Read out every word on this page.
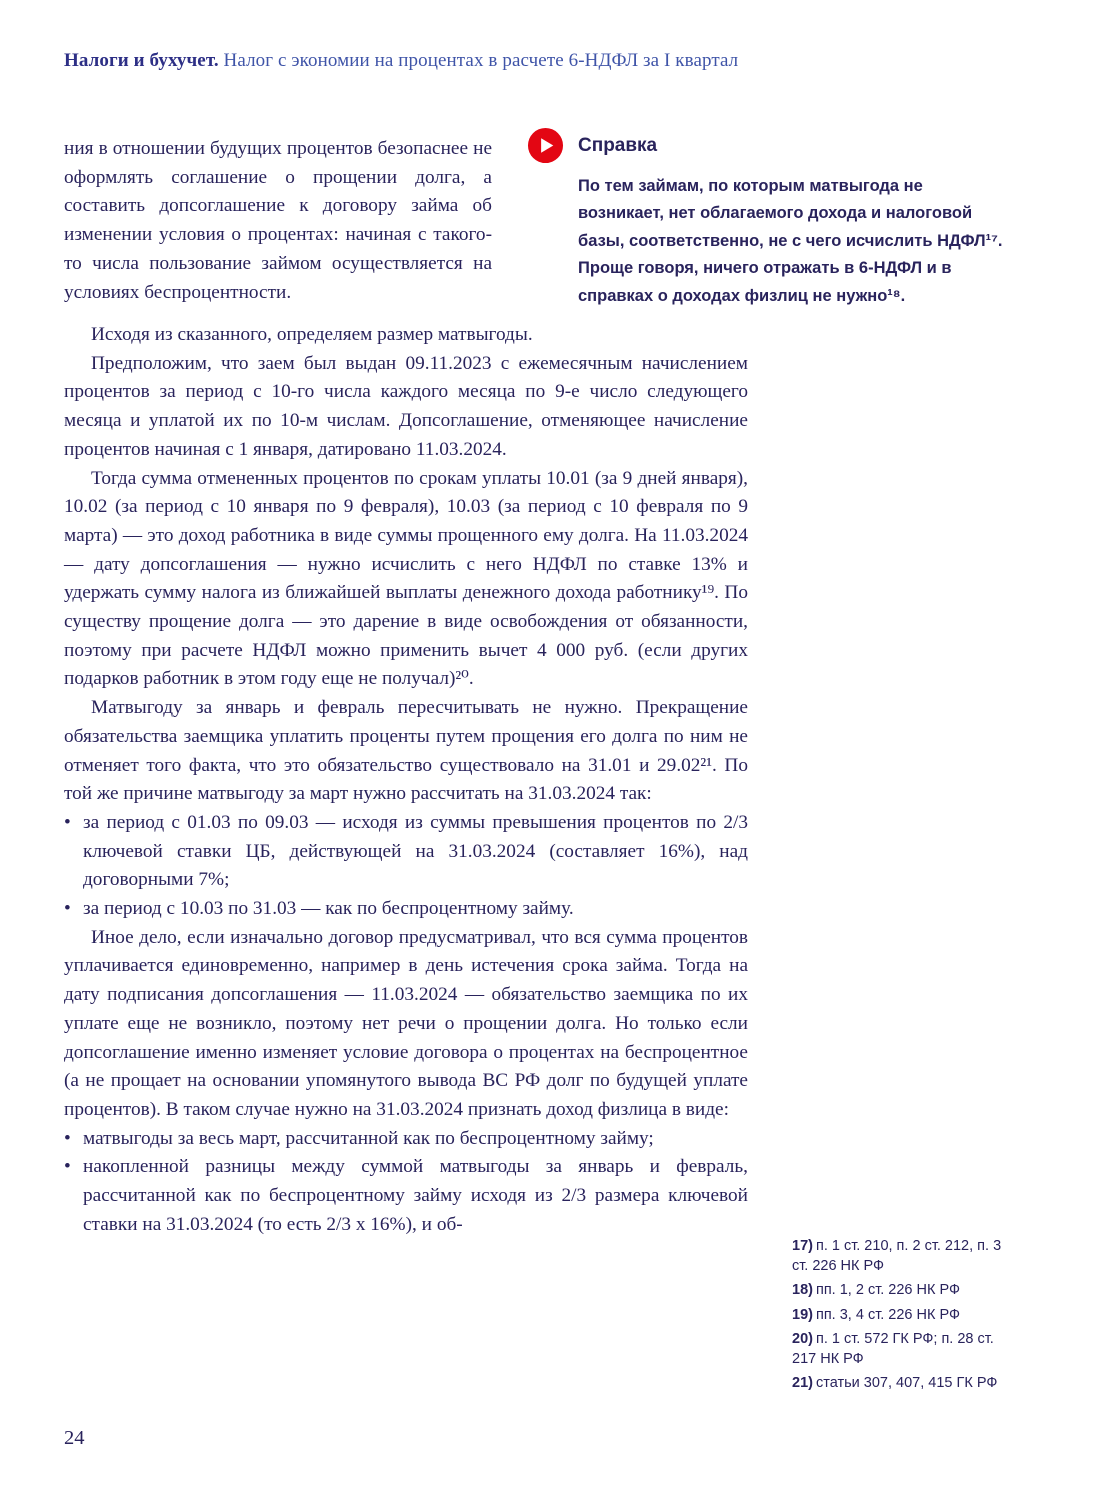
Налоги и бухучет. Налог с экономии на процентах в расчете 6-НДФЛ за I квартал
ния в отношении будущих процентов безопаснее не оформлять соглашение о прощении долга, а составить допсоглашение к договору займа об изменении условия о процентах: начиная с такого-то числа пользование займом осуществляется на условиях беспроцентности.
Справка
По тем займам, по которым матвыгода не возникает, нет облагаемого дохода и налоговой базы, соответственно, не с чего исчислить НДФЛ¹⁷. Проще говоря, ничего отражать в 6-НДФЛ и в справках о доходах физлиц не нужно¹⁸.

Исходя из сказанного, определяем размер матвыгоды.

Предположим, что заем был выдан 09.11.2023 с ежемесячным начислением процентов за период с 10-го числа каждого месяца по 9-е число следующего месяца и уплатой их по 10-м числам. Допсоглашение, отменяющее начисление процентов начиная с 1 января, датировано 11.03.2024.

Тогда сумма отмененных процентов по срокам уплаты 10.01 (за 9 дней января), 10.02 (за период с 10 января по 9 февраля), 10.03 (за период с 10 февраля по 9 марта) — это доход работника в виде суммы прощенного ему долга. На 11.03.2024 — дату допсоглашения — нужно исчислить с него НДФЛ по ставке 13% и удержать сумму налога из ближайшей выплаты денежного дохода работнику¹⁹. По существу прощение долга — это дарение в виде освобождения от обязанности, поэтому при расчете НДФЛ можно применить вычет 4 000 руб. (если других подарков работник в этом году еще не получал)²⁰.

Матвыгоду за январь и февраль пересчитывать не нужно. Прекращение обязательства заемщика уплатить проценты путем прощения его долга по ним не отменяет того факта, что это обязательство существовало на 31.01 и 29.02²¹. По той же причине матвыгоду за март нужно рассчитать на 31.03.2024 так:

• за период с 01.03 по 09.03 — исходя из суммы превышения процентов по 2/3 ключевой ставки ЦБ, действующей на 31.03.2024 (составляет 16%), над договорными 7%;
• за период с 10.03 по 31.03 — как по беспроцентному займу.

Иное дело, если изначально договор предусматривал, что вся сумма процентов уплачивается единовременно, например в день истечения срока займа. Тогда на дату подписания допсоглашения — 11.03.2024 — обязательство заемщика по их уплате еще не возникло, поэтому нет речи о прощении долга. Но только если допсоглашение именно изменяет условие договора о процентах на беспроцентное (а не прощает на основании упомянутого вывода ВС РФ долг по будущей уплате процентов). В таком случае нужно на 31.03.2024 признать доход физлица в виде:

• матвыгоды за весь март, рассчитанной как по беспроцентному займу;
• накопленной разницы между суммой матвыгоды за январь и февраль, рассчитанной как по беспроцентному займу исходя из 2/3 размера ключевой ставки на 31.03.2024 (то есть 2/3 х 16%), и об-
17) п. 1 ст. 210, п. 2 ст. 212, п. 3 ст. 226 НК РФ
18) пп. 1, 2 ст. 226 НК РФ
19) пп. 3, 4 ст. 226 НК РФ
20) п. 1 ст. 572 ГК РФ; п. 28 ст. 217 НК РФ
21) статьи 307, 407, 415 ГК РФ
24
